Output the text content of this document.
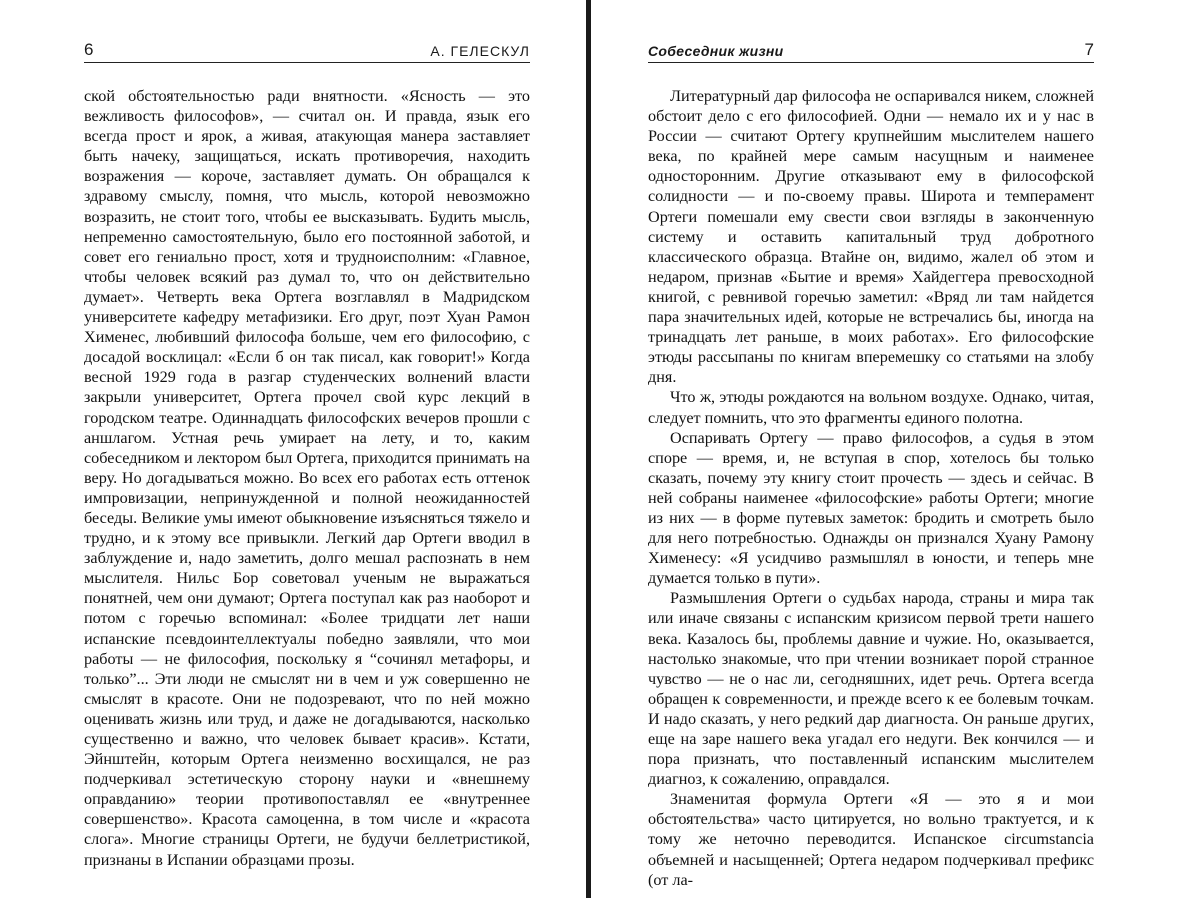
6	А. ГЕЛЕСКУЛ

ской обстоятельностью ради внятности. «Ясность — это вежливость философов», — считал он. И правда, язык его всегда прост и ярок, а живая, атакующая манера заставляет быть начеку, защищаться, искать противоречия, находить возражения — короче, заставляет думать. Он обращался к здравому смыслу, помня, что мысль, которой невозможно возразить, не стоит того, чтобы ее высказывать. Будить мысль, непременно самостоятельную, было его постоянной заботой, и совет его гениально прост, хотя и трудноисполним: «Главное, чтобы человек всякий раз думал то, что он действительно думает». Четверть века Ортега возглавлял в Мадридском университете кафедру метафизики. Его друг, поэт Хуан Рамон Хименес, любивший философа больше, чем его философию, с досадой восклицал: «Если б он так писал, как говорит!» Когда весной 1929 года в разгар студенческих волнений власти закрыли университет, Ортега прочел свой курс лекций в городском театре. Одиннадцать философских вечеров прошли с аншлагом. Устная речь умирает на лету, и то, каким собеседником и лектором был Ортега, приходится принимать на веру. Но догадываться можно. Во всех его работах есть оттенок импровизации, непринужденной и полной неожиданностей беседы. Великие умы имеют обыкновение изъясняться тяжело и трудно, и к этому все привыкли. Легкий дар Ортеги вводил в заблуждение и, надо заметить, долго мешал распознать в нем мыслителя. Нильс Бор советовал ученым не выражаться понятней, чем они думают; Ортега поступал как раз наоборот и потом с горечью вспоминал: «Более тридцати лет наши испанские псевдоинтеллектуалы победно заявляли, что мои работы — не философия, поскольку я “сочинял метафоры, и только”... Эти люди не смыслят ни в чем и уж совершенно не смыслят в красоте. Они не подозревают, что по ней можно оценивать жизнь или труд, и даже не догадываются, насколько существенно и важно, что человек бывает красив». Кстати, Эйнштейн, которым Ортега неизменно восхищался, не раз подчеркивал эстетическую сторону науки и «внешнему оправданию» теории противопоставлял ее «внутреннее совершенство». Красота самоценна, в том числе и «красота слога». Многие страницы Ортеги, не будучи беллетристикой, признаны в Испании образцами прозы.

Собеседник жизни	7

Литературный дар философа не оспаривался никем, сложней обстоит дело с его философией. Одни — немало их и у нас в России — считают Ортегу крупнейшим мыслителем нашего века, по крайней мере самым насущным и наименее односторонним. Другие отказывают ему в философской солидности — и по-своему правы. Широта и темперамент Ортеги помешали ему свести свои взгляды в законченную систему и оставить капитальный труд добротного классического образца. Втайне он, видимо, жалел об этом и недаром, признав «Бытие и время» Хайдеггера превосходной книгой, с ревнивой горечью заметил: «Вряд ли там найдется пара значительных идей, которые не встречались бы, иногда на тринадцать лет раньше, в моих работах». Его философские этюды рассыпаны по книгам вперемешку со статьями на злобу дня.

Что ж, этюды рождаются на вольном воздухе. Однако, читая, следует помнить, что это фрагменты единого полотна.

Оспаривать Ортегу — право философов, а судья в этом споре — время, и, не вступая в спор, хотелось бы только сказать, почему эту книгу стоит прочесть — здесь и сейчас. В ней собраны наименее «философские» работы Ортеги; многие из них — в форме путевых заметок: бродить и смотреть было для него потребностью. Однажды он признался Хуану Рамону Хименесу: «Я усидчиво размышлял в юности, и теперь мне думается только в пути».

Размышления Ортеги о судьбах народа, страны и мира так или иначе связаны с испанским кризисом первой трети нашего века. Казалось бы, проблемы давние и чужие. Но, оказывается, настолько знакомые, что при чтении возникает порой странное чувство — не о нас ли, сегодняшних, идет речь. Ортега всегда обращен к современности, и прежде всего к ее болевым точкам. И надо сказать, у него редкий дар диагноста. Он раньше других, еще на заре нашего века угадал его недуги. Век кончился — и пора признать, что поставленный испанским мыслителем диагноз, к сожалению, оправдался.

Знаменитая формула Ортеги «Я — это я и мои обстоятельства» часто цитируется, но вольно трактуется, и к тому же неточно переводится. Испанское circumstancia объемней и насыщенней; Ортега недаром подчеркивал префикс (от ла-
